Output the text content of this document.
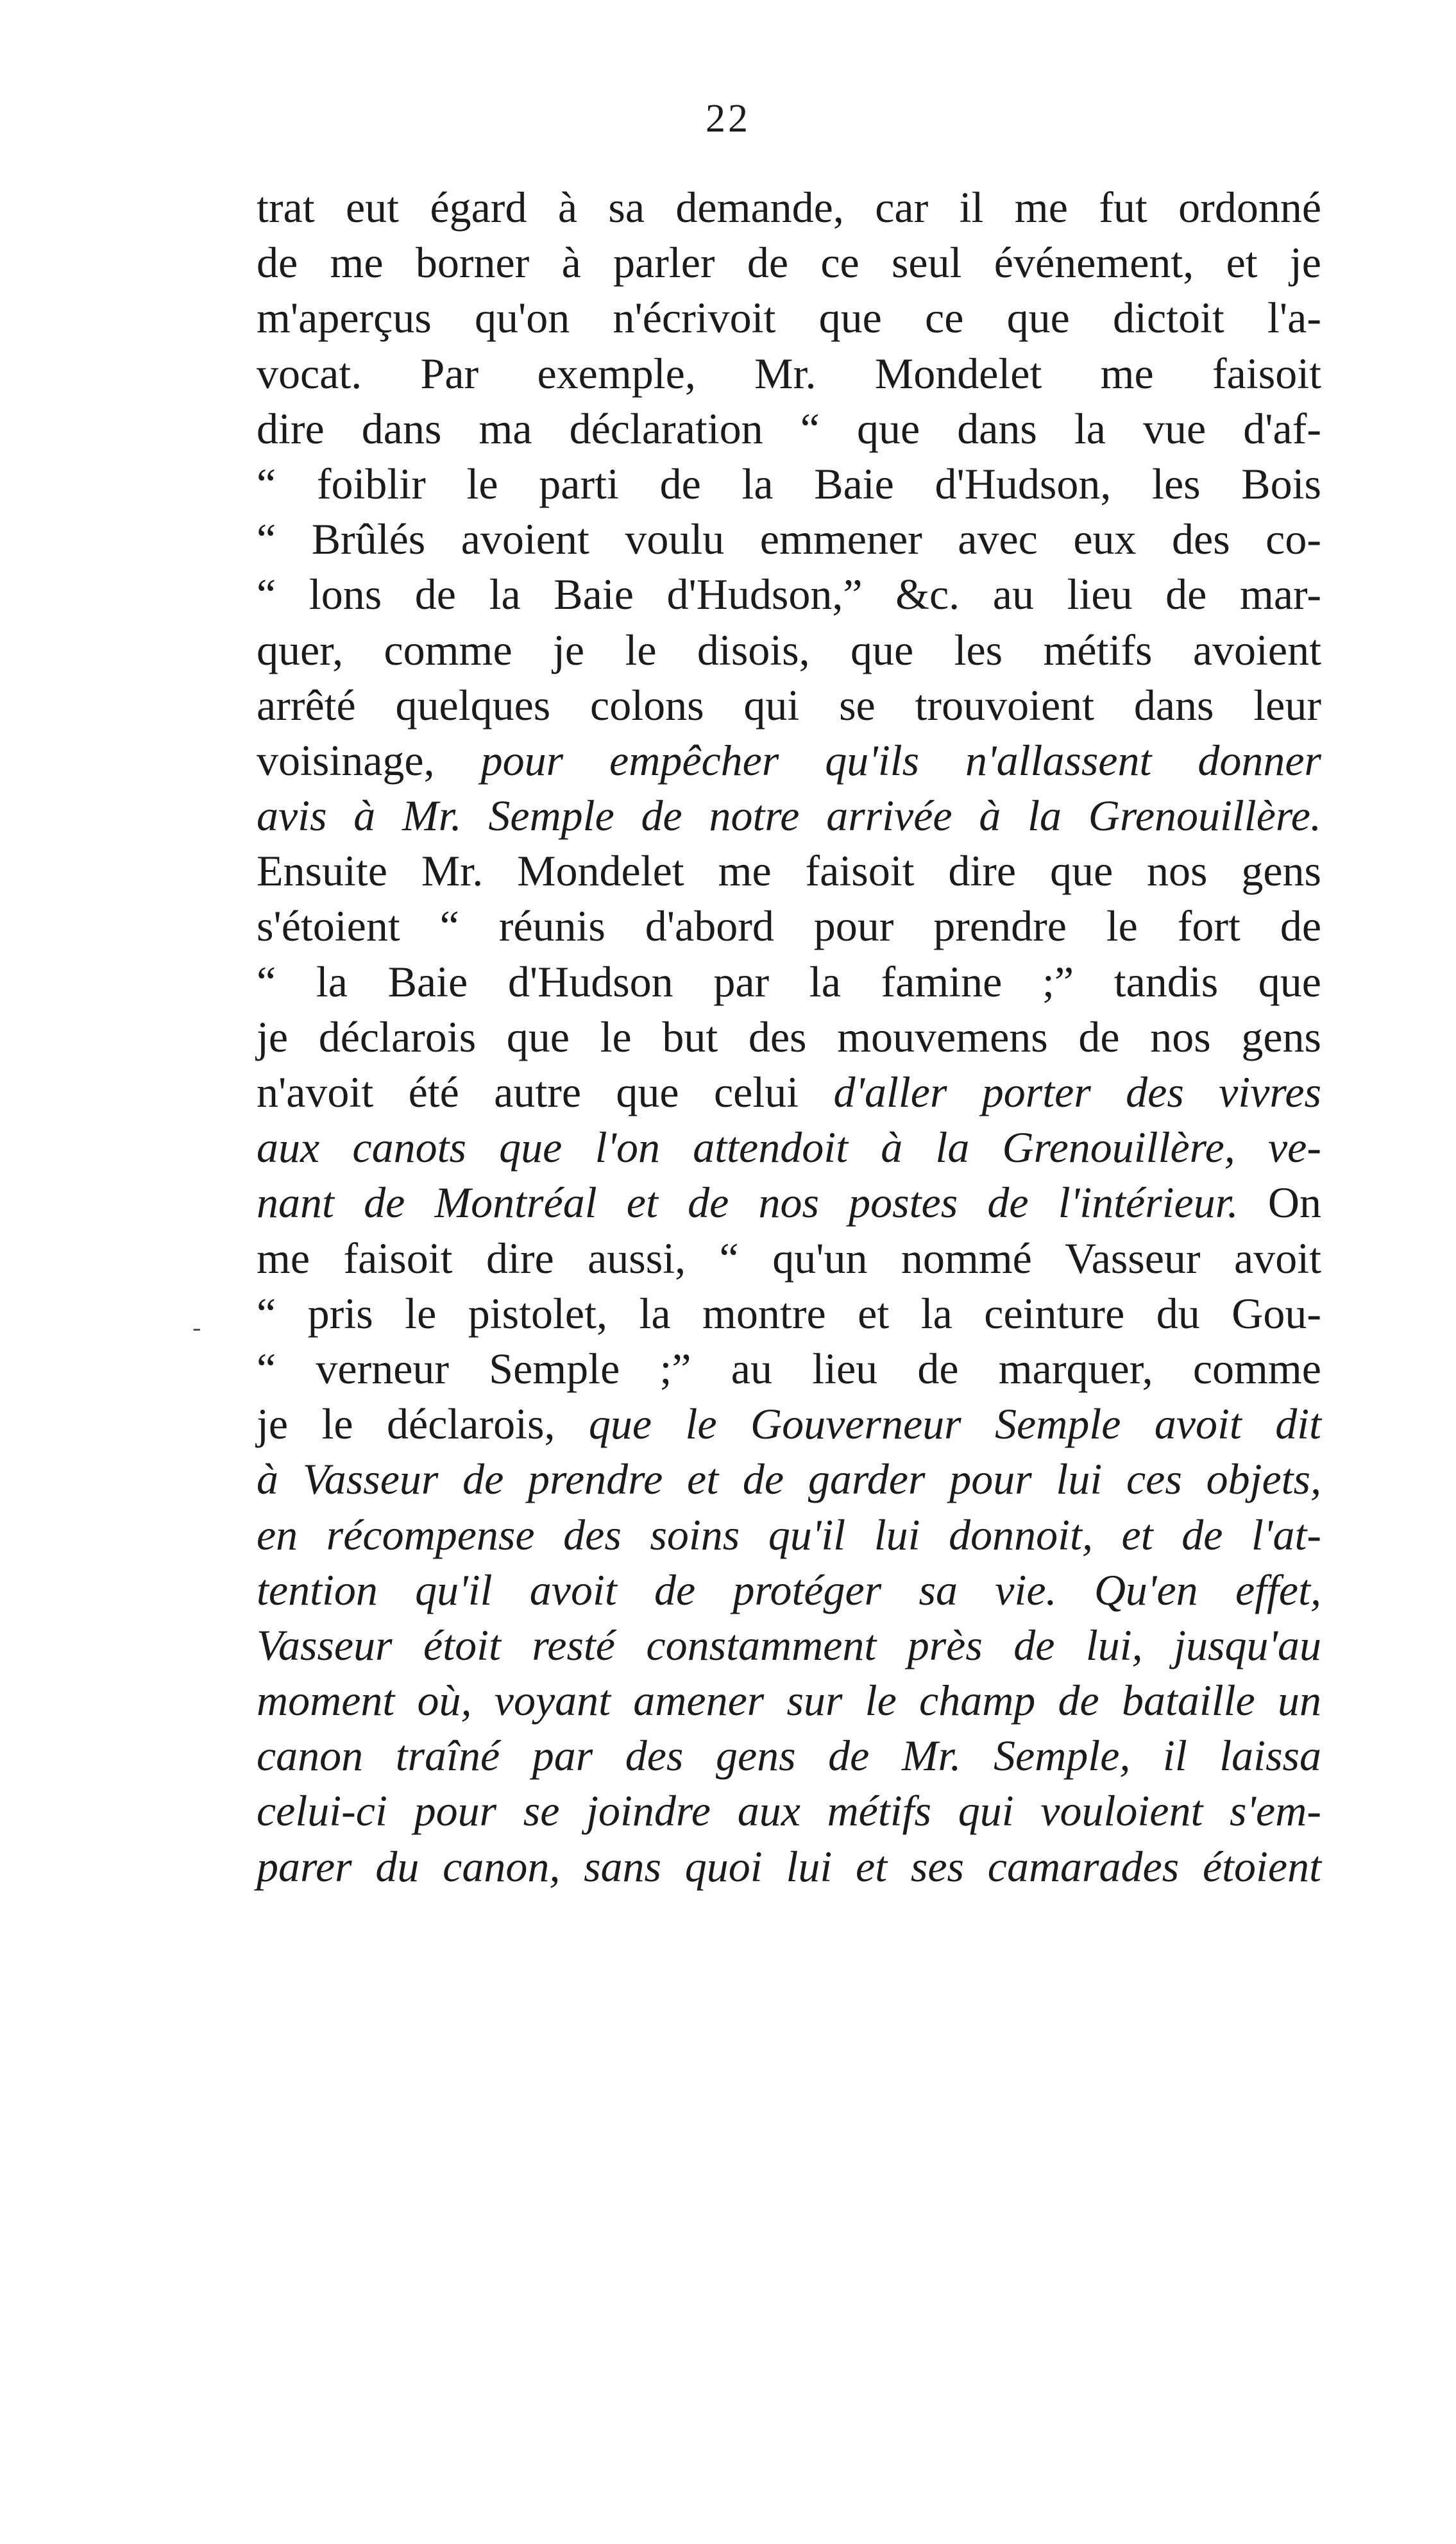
22
trat eut égard à sa demande, car il me fut ordonné
de me borner à parler de ce seul événement, et je
m'aperçus qu'on n'écrivoit que ce que dictoit l'a-
vocat. Par exemple, Mr. Mondelet me faisoit
dire dans ma déclaration “ que dans la vue d'af-
“ foiblir le parti de la Baie d'Hudson, les Bois
“ Brûlés avoient voulu emmener avec eux des co-
“ lons de la Baie d'Hudson,” &c. au lieu de mar-
quer, comme je le disois, que les métifs avoient
arrêté quelques colons qui se trouvoient dans leur
voisinage, pour empêcher qu'ils n'allassent donner
avis à Mr. Semple de notre arrivée à la Grenouillère.
Ensuite Mr. Mondelet me faisoit dire que nos gens
s'étoient “ réunis d'abord pour prendre le fort de
“ la Baie d'Hudson par la famine ;” tandis que
je déclarois que le but des mouvemens de nos gens
n'avoit été autre que celui d'aller porter des vivres
aux canots que l'on attendoit à la Grenouillère, ve-
nant de Montréal et de nos postes de l'intérieur. On
me faisoit dire aussi, “ qu'un nommé Vasseur avoit
“ pris le pistolet, la montre et la ceinture du Gou-
“ verneur Semple ;” au lieu de marquer, comme
je le déclarois, que le Gouverneur Semple avoit dit
à Vasseur de prendre et de garder pour lui ces objets,
en récompense des soins qu'il lui donnoit, et de l'at-
tention qu'il avoit de protéger sa vie. Qu'en effet,
Vasseur étoit resté constamment près de lui, jusqu'au
moment où, voyant amener sur le champ de bataille un
canon traîné par des gens de Mr. Semple, il laissa
celui-ci pour se joindre aux métifs qui vouloient s'em-
parer du canon, sans quoi lui et ses camarades étoient
-
